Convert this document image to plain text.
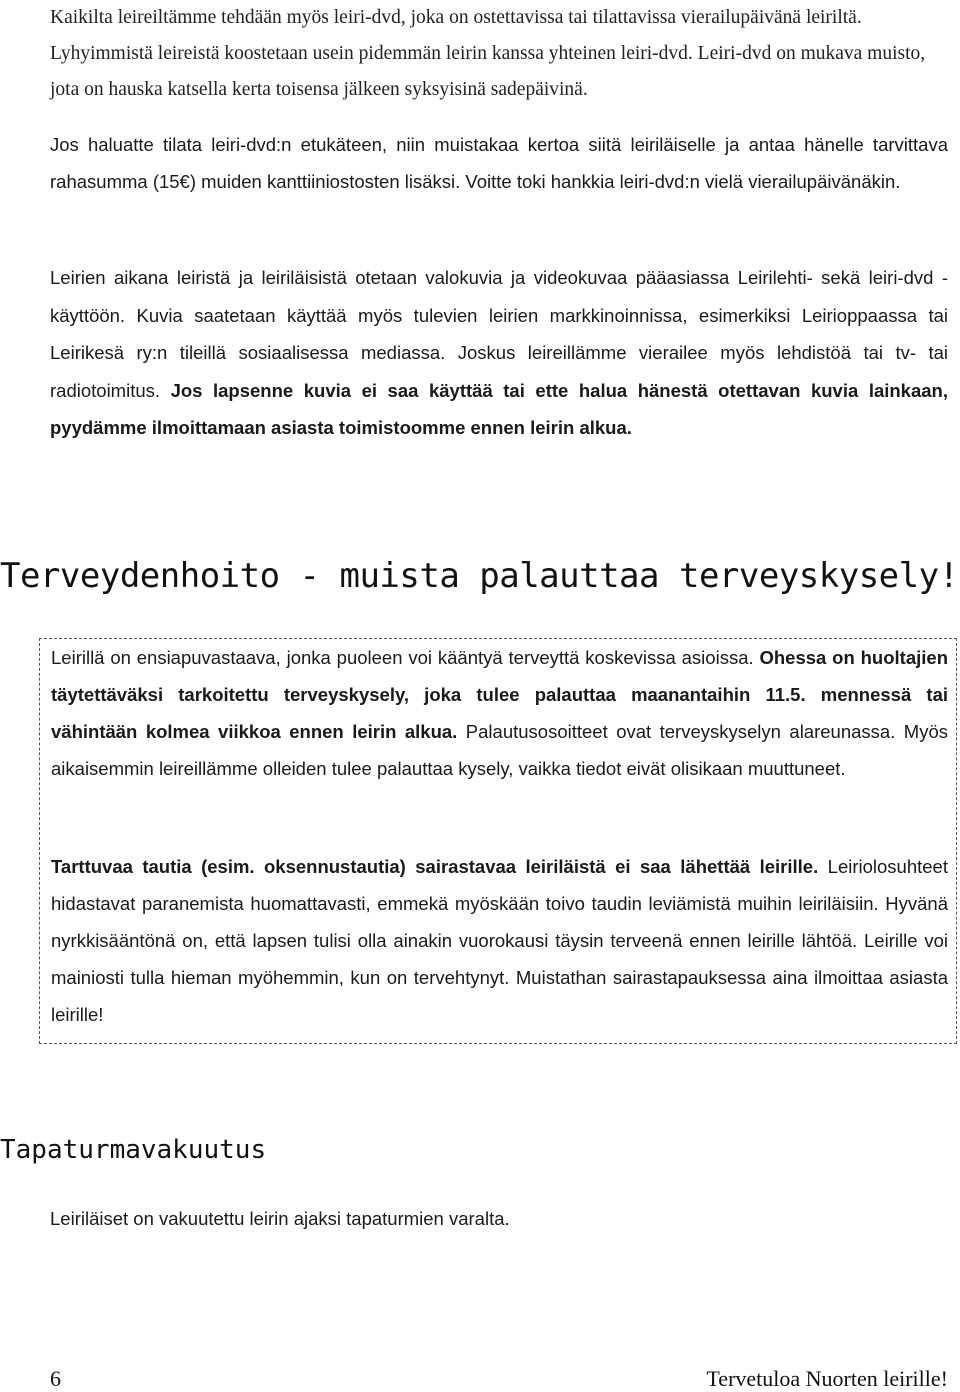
Kaikilta leireiltämme tehdään myös leiri-dvd, joka on ostettavissa tai tilattavissa vierailupäivänä leiriltä. Lyhyimmistä leireistä koostetaan usein pidemmän leirin kanssa yhteinen leiri-dvd. Leiri-dvd on mukava muisto, jota on hauska katsella kerta toisensa jälkeen syksyisinä sadepäivinä.

Jos haluatte tilata leiri-dvd:n etukäteen, niin muistakaa kertoa siitä leiriläiselle ja antaa hänelle tarvittava rahasumma (15€) muiden kanttiiniostosten lisäksi. Voitte toki hankkia leiri-dvd:n vielä vierailupäivänäkin.

Leirien aikana leiristä ja leiriläisistä otetaan valokuvia ja videokuvaa pääasiassa Leirilehti- sekä leiri-dvd -käyttöön. Kuvia saatetaan käyttää myös tulevien leirien markkinoinnissa, esimerkiksi Leirioppaassa tai Leirikesä ry:n tileillä sosiaalisessa mediassa. Joskus leireillämme vierailee myös lehdistöä tai tv- tai radiotoimitus. Jos lapsenne kuvia ei saa käyttää tai ette halua hänestä otettavan kuvia lainkaan, pyydämme ilmoittamaan asiasta toimistoomme ennen leirin alkua.

Terveydenhoito - muista palauttaa terveyskysely!

Leirillä on ensiapuvastaava, jonka puoleen voi kääntyä terveyttä koskevissa asioissa. Ohessa on huoltajien täytettäväksi tarkoitettu terveyskysely, joka tulee palauttaa maanantaihin 11.5. mennessä tai vähintään kolmea viikkoa ennen leirin alkua. Palautusosoitteet ovat terveyskyselyn alareunassa. Myös aikaisemmin leireillämme olleiden tulee palauttaa kysely, vaikka tiedot eivät olisikaan muuttuneet.

Tarttuvaa tautia (esim. oksennustautia) sairastavaa leiriläistä ei saa lähettää leirille. Leiriolosuhteet hidastavat paranemista huomattavasti, emmekä myöskään toivo taudin leviämistä muihin leiriläisiin. Hyvänä nyrkkisääntönä on, että lapsen tulisi olla ainakin vuorokausi täysin terveenä ennen leirille lähtöä. Leirille voi mainiosti tulla hieman myöhemmin, kun on tervehtynyt. Muistathan sairastapauksessa aina ilmoittaa asiasta leirille!

Tapaturmavakuutus

Leiriläiset on vakuutettu leirin ajaksi tapaturmien varalta.

6	Tervetuloa Nuorten leirille!
